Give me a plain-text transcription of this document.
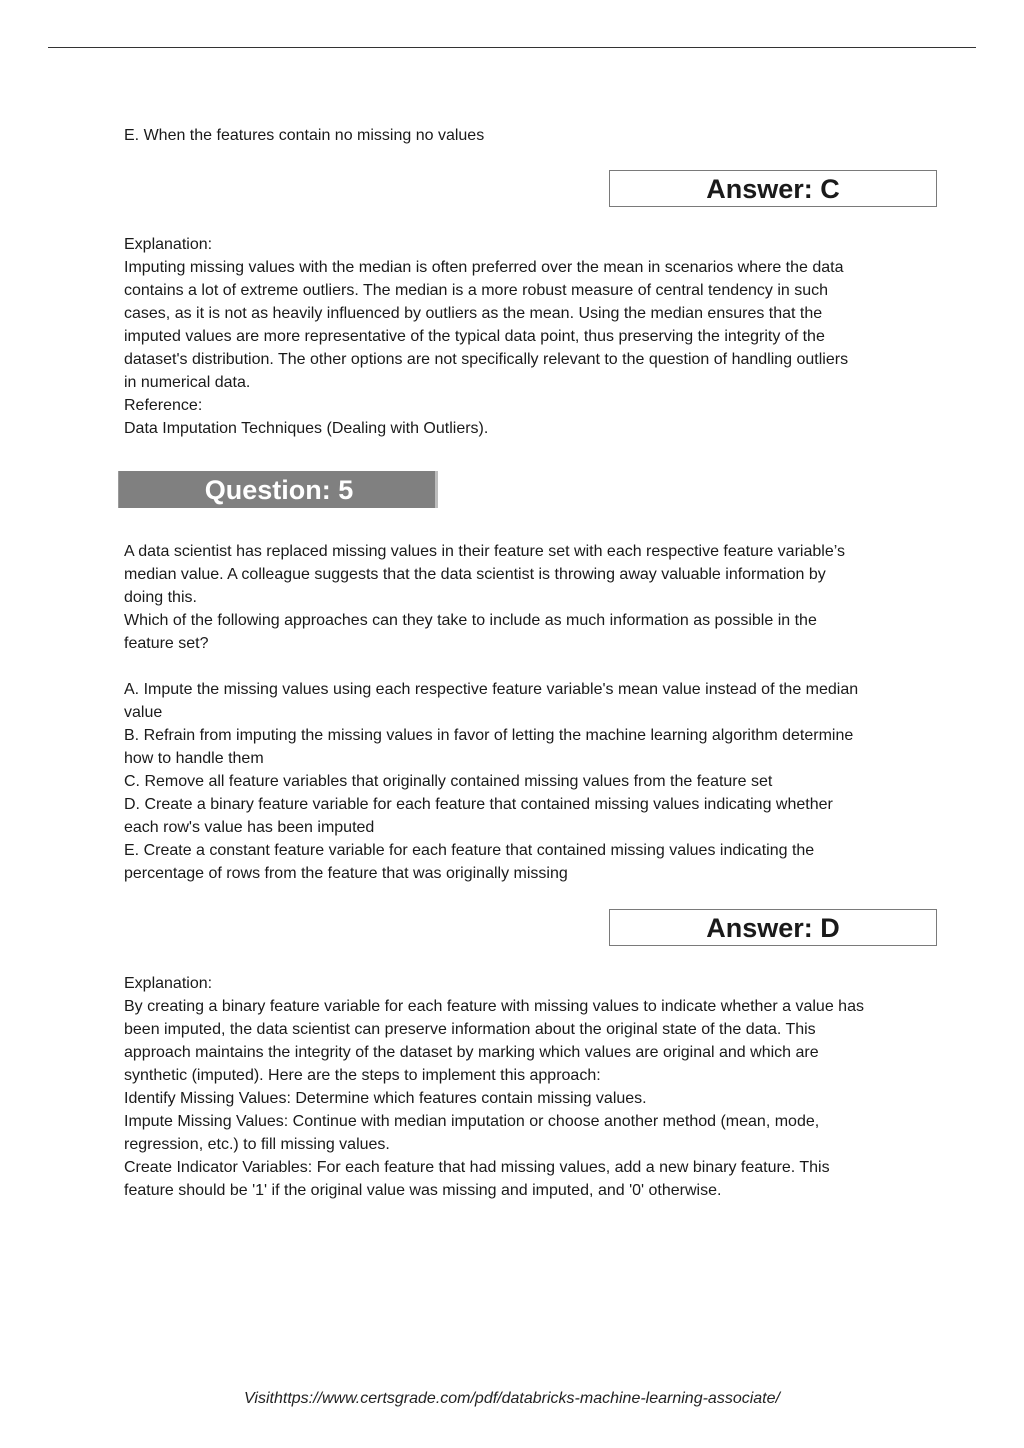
E. When the features contain no missing no values
Answer: C
Explanation:
Imputing missing values with the median is often preferred over the mean in scenarios where the data
contains a lot of extreme outliers. The median is a more robust measure of central tendency in such
cases, as it is not as heavily influenced by outliers as the mean. Using the median ensures that the
imputed values are more representative of the typical data point, thus preserving the integrity of the
dataset's distribution. The other options are not specifically relevant to the question of handling outliers
in numerical data.
Reference:
Data Imputation Techniques (Dealing with Outliers).
Question: 5
A data scientist has replaced missing values in their feature set with each respective feature variable’s
median value. A colleague suggests that the data scientist is throwing away valuable information by
doing this.
Which of the following approaches can they take to include as much information as possible in the
feature set?
A. Impute the missing values using each respective feature variable's mean value instead of the median
value
B. Refrain from imputing the missing values in favor of letting the machine learning algorithm determine
how to handle them
C. Remove all feature variables that originally contained missing values from the feature set
D. Create a binary feature variable for each feature that contained missing values indicating whether
each row's value has been imputed
E. Create a constant feature variable for each feature that contained missing values indicating the
percentage of rows from the feature that was originally missing
Answer: D
Explanation:
By creating a binary feature variable for each feature with missing values to indicate whether a value has
been imputed, the data scientist can preserve information about the original state of the data. This
approach maintains the integrity of the dataset by marking which values are original and which are
synthetic (imputed). Here are the steps to implement this approach:
Identify Missing Values: Determine which features contain missing values.
Impute Missing Values: Continue with median imputation or choose another method (mean, mode,
regression, etc.) to fill missing values.
Create Indicator Variables: For each feature that had missing values, add a new binary feature. This
feature should be '1' if the original value was missing and imputed, and '0' otherwise.
Visithttps://www.certsgrade.com/pdf/databricks-machine-learning-associate/
